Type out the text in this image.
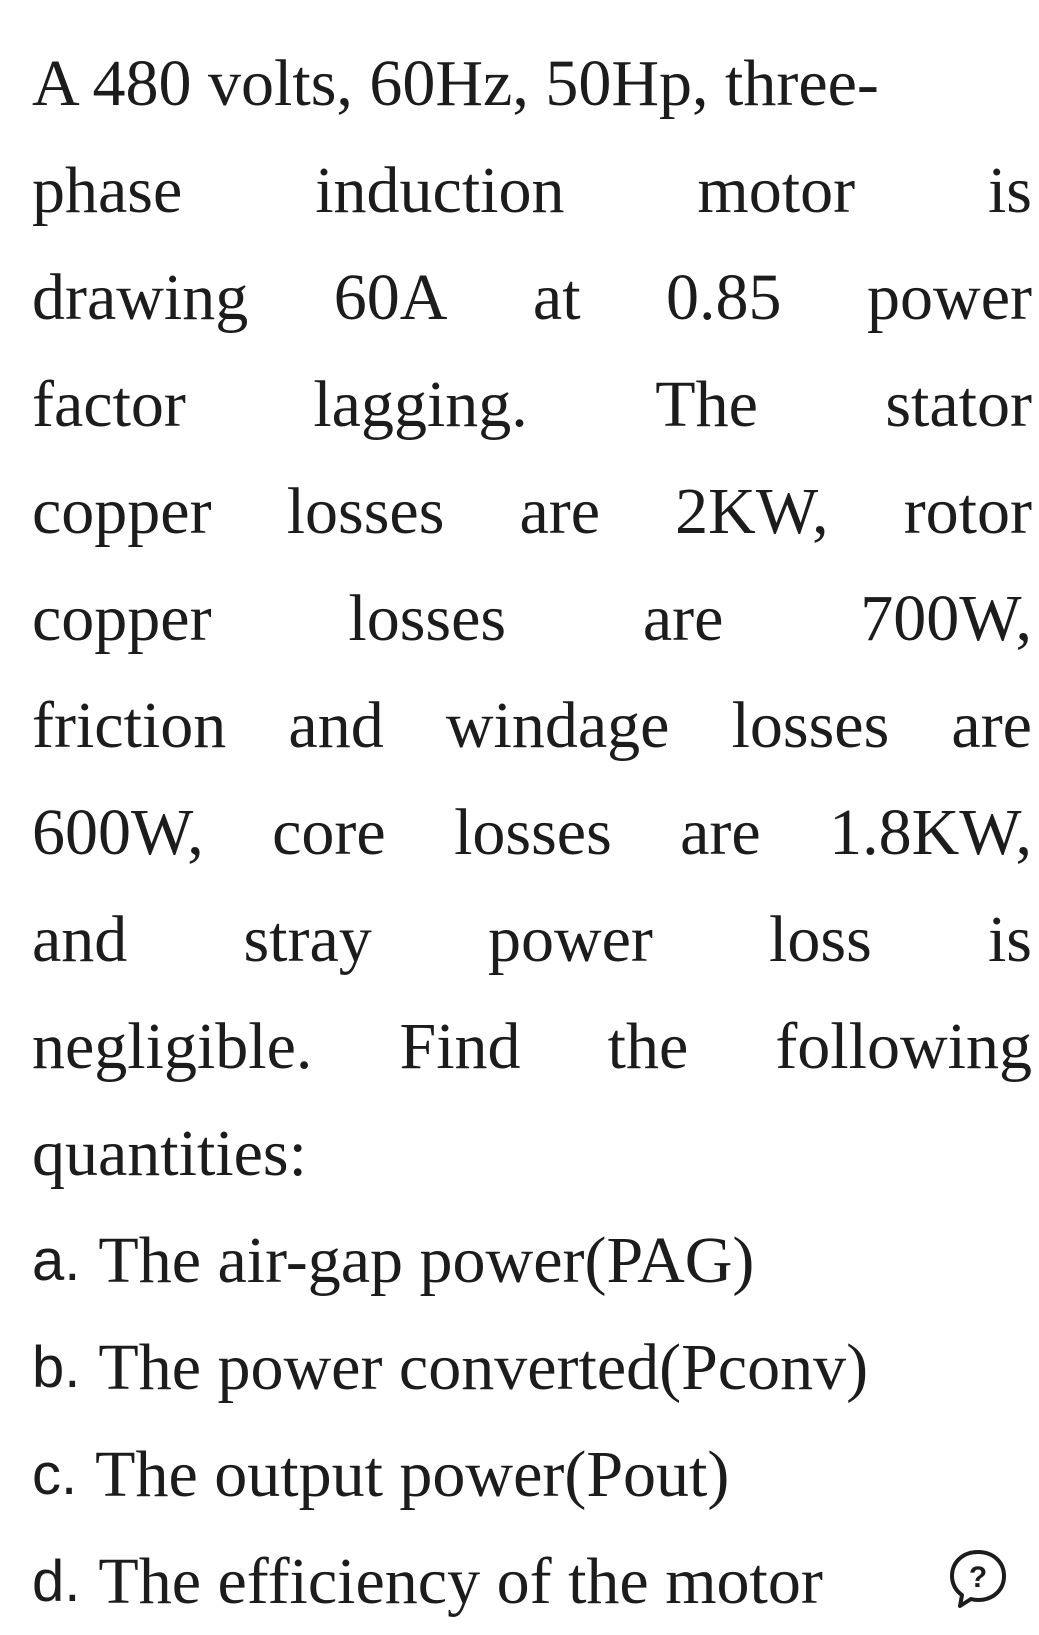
A 480 volts, 60Hz, 50Hp, three-
phase induction motor is
drawing 60A at 0.85 power
factor lagging. The stator
copper losses are 2KW, rotor
copper losses are 700W,
friction and windage losses are
600W, core losses are 1.8KW,
and stray power loss is
negligible. Find the following
quantities:
a. The air-gap power(PAG)
b. The power converted(Pconv)
c. The output power(Pout)
d. The efficiency of the motor	?
